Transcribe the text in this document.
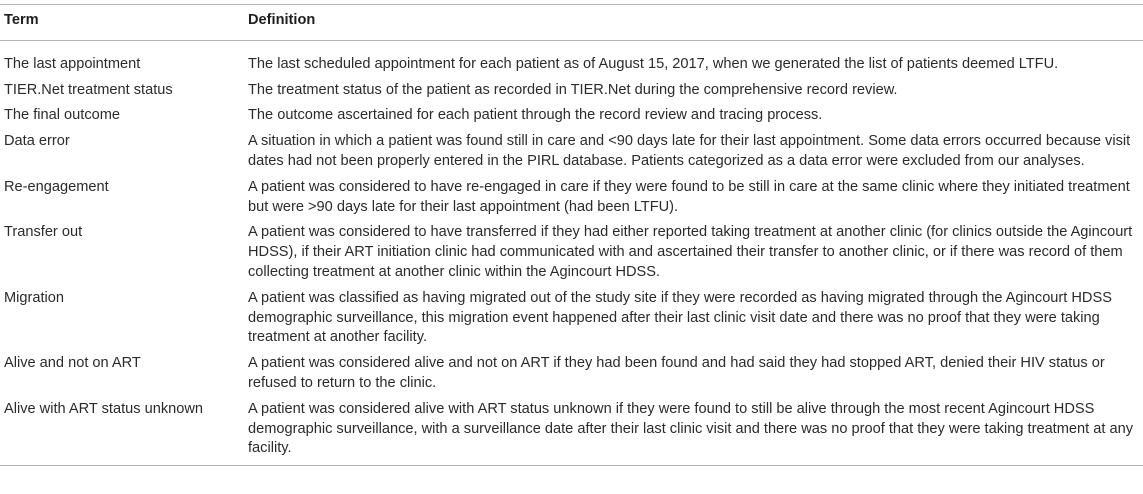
Term	Definition
The last appointment	The last scheduled appointment for each patient as of August 15, 2017, when we generated the list of patients deemed LTFU.
TIER.Net treatment status	The treatment status of the patient as recorded in TIER.Net during the comprehensive record review.
The final outcome	The outcome ascertained for each patient through the record review and tracing process.
Data error	A situation in which a patient was found still in care and <90 days late for their last appointment. Some data errors occurred because visit dates had not been properly entered in the PIRL database. Patients categorized as a data error were excluded from our analyses.
Re-engagement	A patient was considered to have re-engaged in care if they were found to be still in care at the same clinic where they initiated treatment but were >90 days late for their last appointment (had been LTFU).
Transfer out	A patient was considered to have transferred if they had either reported taking treatment at another clinic (for clinics outside the Agincourt HDSS), if their ART initiation clinic had communicated with and ascertained their transfer to another clinic, or if there was record of them collecting treatment at another clinic within the Agincourt HDSS.
Migration	A patient was classified as having migrated out of the study site if they were recorded as having migrated through the Agincourt HDSS demographic surveillance, this migration event happened after their last clinic visit date and there was no proof that they were taking treatment at another facility.
Alive and not on ART	A patient was considered alive and not on ART if they had been found and had said they had stopped ART, denied their HIV status or refused to return to the clinic.
Alive with ART status unknown	A patient was considered alive with ART status unknown if they were found to still be alive through the most recent Agincourt HDSS demographic surveillance, with a surveillance date after their last clinic visit and there was no proof that they were taking treatment at any facility.
